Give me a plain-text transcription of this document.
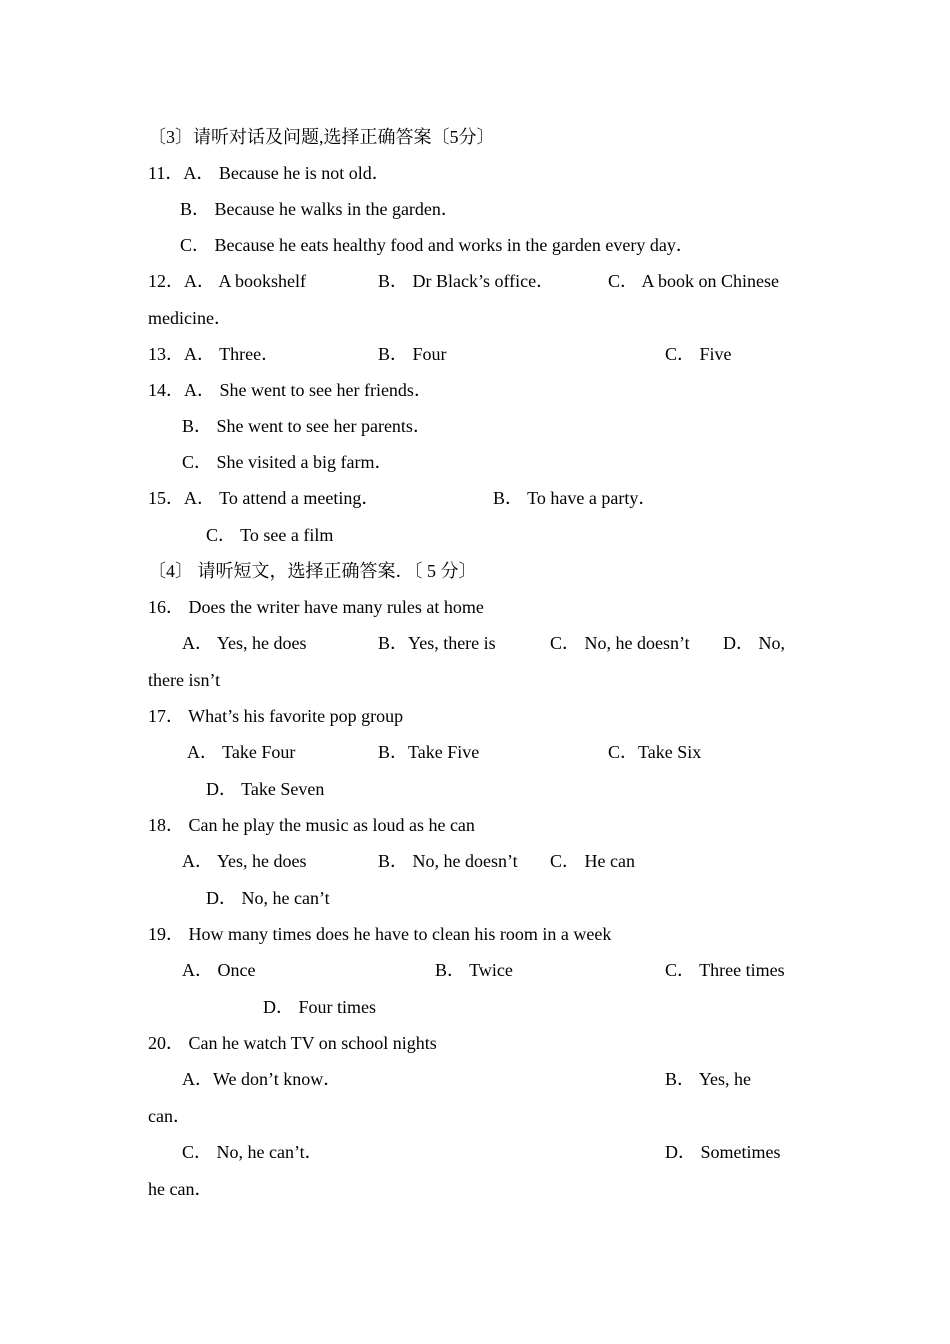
〔3〕请听对话及问题,选择正确答案〔5分〕
11．A． Because he is not old．
B． Because he walks in the garden．
C． Because he eats healthy food and works in the garden every day．
12．A． A bookshelf	B． Dr Black’s office．	C． A book on Chinese
medicine．
13．A． Three．	B． Four	C． Five
14．A． She went to see her friends．
B． She went to see her parents．
C． She visited a big farm．
15．A． To attend a meeting．	B． To have a party．
C． To see a film
〔4〕 请听短文，选择正确答案．〔 5 分〕
16． Does the writer have many rules at home
A． Yes, he does	B．Yes, there is	C． No, he doesn’t D． No,
there isn’t
17． What’s his favorite pop group
A． Take Four	B．Take Five	C．Take Six
D． Take Seven
18． Can he play the music as loud as he can
A． Yes, he does	B． No, he doesn’t C． He can
D． No, he can’t
19． How many times does he have to clean his room in a week
A． Once	B． Twice	C． Three times
D． Four times
20． Can he watch TV on school nights
A．We don’t know．	B． Yes, he
can．
C． No, he can’t．	D． Sometimes
he can．
